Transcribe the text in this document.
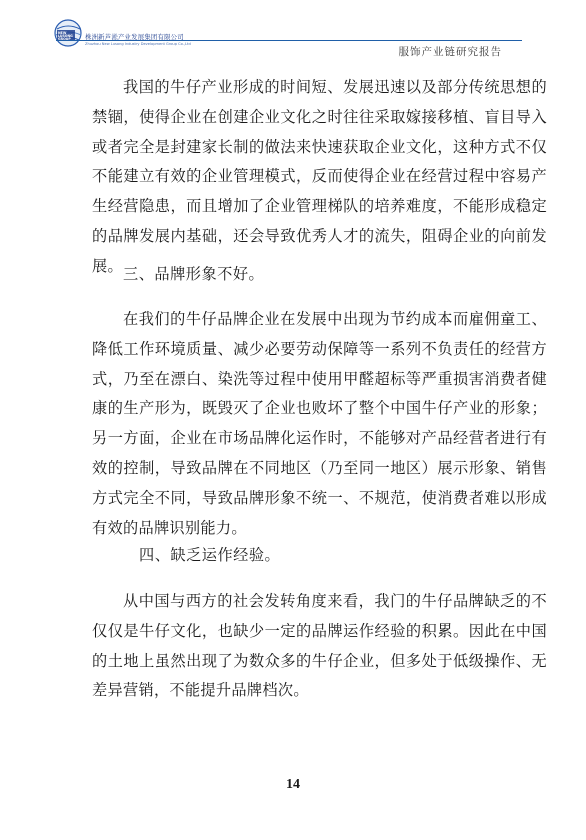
NEW
LUSONG
GROUP 株洲新芦淞产业发展集团有限公司
Zhuzhou New Lusong Industry Development Group Co.,Ltd
服饰产业链研究报告

我国的牛仔产业形成的时间短、发展迅速以及部分传统思想的禁锢，使得企业在创建企业文化之时往往采取嫁接移植、盲目导入或者完全是封建家长制的做法来快速获取企业文化，这种方式不仅不能建立有效的企业管理模式，反而使得企业在经营过程中容易产生经营隐患，而且增加了企业管理梯队的培养难度，不能形成稳定的品牌发展内基础，还会导致优秀人才的流失，阻碍企业的向前发展。 三、品牌形象不好。

在我们的牛仔品牌企业在发展中出现为节约成本而雇佣童工、降低工作环境质量、减少必要劳动保障等一系列不负责任的经营方式，乃至在漂白、染洗等过程中使用甲醛超标等严重损害消费者健康的生产形为，既毁灭了企业也败坏了整个中国牛仔产业的形象；另一方面，企业在市场品牌化运作时，不能够对产品经营者进行有效的控制，导致品牌在不同地区（乃至同一地区）展示形象、销售方式完全不同，导致品牌形象不统一、不规范，使消费者难以形成有效的品牌识别能力。

四、缺乏运作经验。

从中国与西方的社会发转角度来看，我门的牛仔品牌缺乏的不仅仅是牛仔文化，也缺少一定的品牌运作经验的积累。因此在中国的土地上虽然出现了为数众多的牛仔企业，但多处于低级操作、无差异营销，不能提升品牌档次。

14
